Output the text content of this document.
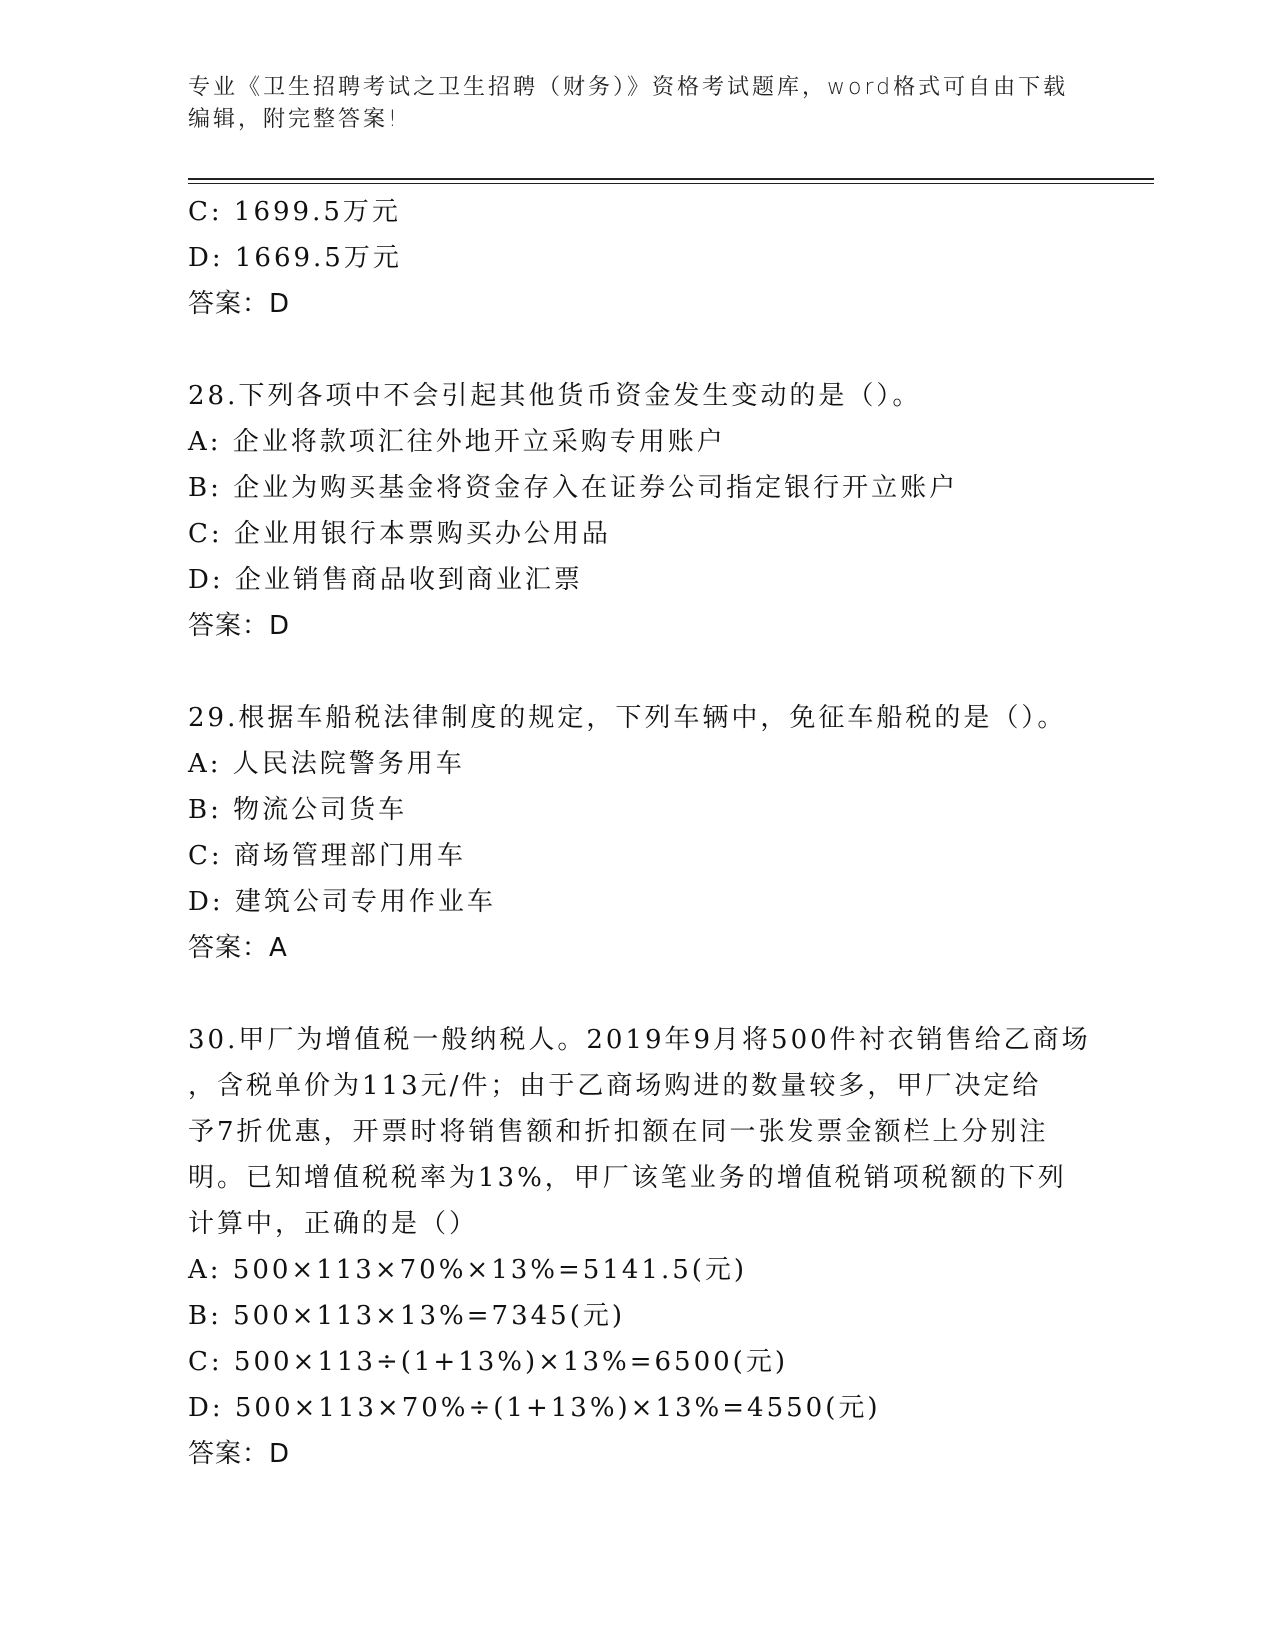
专业《卫生招聘考试之卫生招聘（财务）》资格考试题库，word格式可自由下载
编辑，附完整答案!
C: 1699.5万元
D: 1669.5万元
答案：D
28.下列各项中不会引起其他货币资金发生变动的是（）。
A: 企业将款项汇往外地开立采购专用账户
B: 企业为购买基金将资金存入在证券公司指定银行开立账户
C: 企业用银行本票购买办公用品
D: 企业销售商品收到商业汇票
答案：D
29.根据车船税法律制度的规定，下列车辆中，免征车船税的是（）。
A: 人民法院警务用车
B: 物流公司货车
C: 商场管理部门用车
D: 建筑公司专用作业车
答案：A
30.甲厂为增值税一般纳税人。2019年9月将500件衬衣销售给乙商场
，含税单价为113元/件；由于乙商场购进的数量较多，甲厂决定给
予7折优惠，开票时将销售额和折扣额在同一张发票金额栏上分别注
明。已知增值税税率为13%，甲厂该笔业务的增值税销项税额的下列
计算中，正确的是（）
A: 500×113×70%×13%=5141.5(元)
B: 500×113×13%=7345(元)
C: 500×113÷(1+13%)×13%=6500(元)
D: 500×113×70%÷(1+13%)×13%=4550(元)
答案：D
